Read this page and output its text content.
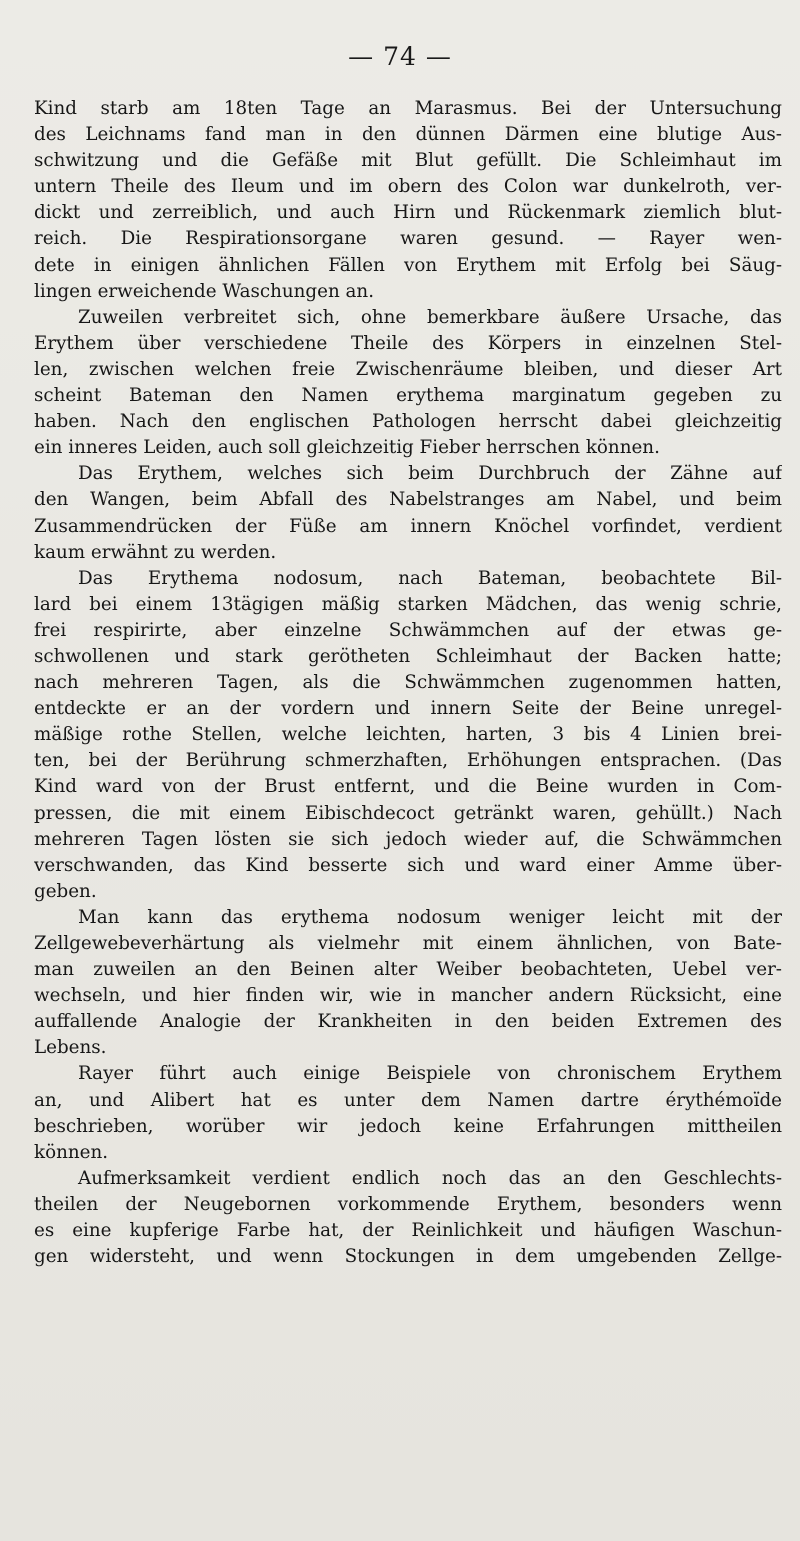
— 74 —
Kind starb am 18ten Tage an Marasmus. Bei der Untersuchung
des Leichnams fand man in den dünnen Därmen eine blutige Aus-
schwitzung und die Gefäße mit Blut gefüllt. Die Schleimhaut im
untern Theile des Ileum und im obern des Colon war dunkelroth, ver-
dickt und zerreiblich, und auch Hirn und Rückenmark ziemlich blut-
reich. Die Respirationsorgane waren gesund. — Rayer wen-
dete in einigen ähnlichen Fällen von Erythem mit Erfolg bei Säug-
lingen erweichende Waschungen an.
Zuweilen verbreitet sich, ohne bemerkbare äußere Ursache, das
Erythem über verschiedene Theile des Körpers in einzelnen Stel-
len, zwischen welchen freie Zwischenräume bleiben, und dieser Art
scheint Bateman den Namen erythema marginatum gegeben zu
haben. Nach den englischen Pathologen herrscht dabei gleichzeitig
ein inneres Leiden, auch soll gleichzeitig Fieber herrschen können.
Das Erythem, welches sich beim Durchbruch der Zähne auf
den Wangen, beim Abfall des Nabelstranges am Nabel, und beim
Zusammendrücken der Füße am innern Knöchel vorfindet, verdient
kaum erwähnt zu werden.
Das Erythema nodosum, nach Bateman, beobachtete Bil-
lard bei einem 13tägigen mäßig starken Mädchen, das wenig schrie,
frei respirirte, aber einzelne Schwämmchen auf der etwas ge-
schwollenen und stark gerötheten Schleimhaut der Backen hatte;
nach mehreren Tagen, als die Schwämmchen zugenommen hatten,
entdeckte er an der vordern und innern Seite der Beine unregel-
mäßige rothe Stellen, welche leichten, harten, 3 bis 4 Linien brei-
ten, bei der Berührung schmerzhaften, Erhöhungen entsprachen. (Das
Kind ward von der Brust entfernt, und die Beine wurden in Com-
pressen, die mit einem Eibischdecoct getränkt waren, gehüllt.) Nach
mehreren Tagen lösten sie sich jedoch wieder auf, die Schwämmchen
verschwanden, das Kind besserte sich und ward einer Amme über-
geben.
Man kann das erythema nodosum weniger leicht mit der
Zellgewebeverhärtung als vielmehr mit einem ähnlichen, von Bate-
man zuweilen an den Beinen alter Weiber beobachteten, Uebel ver-
wechseln, und hier finden wir, wie in mancher andern Rücksicht, eine
auffallende Analogie der Krankheiten in den beiden Extremen des
Lebens.
Rayer führt auch einige Beispiele von chronischem Erythem
an, und Alibert hat es unter dem Namen dartre érythémoïde
beschrieben, worüber wir jedoch keine Erfahrungen mittheilen
können.
Aufmerksamkeit verdient endlich noch das an den Geschlechts-
theilen der Neugebornen vorkommende Erythem, besonders wenn
es eine kupferige Farbe hat, der Reinlichkeit und häufigen Waschun-
gen widersteht, und wenn Stockungen in dem umgebenden Zellge-
